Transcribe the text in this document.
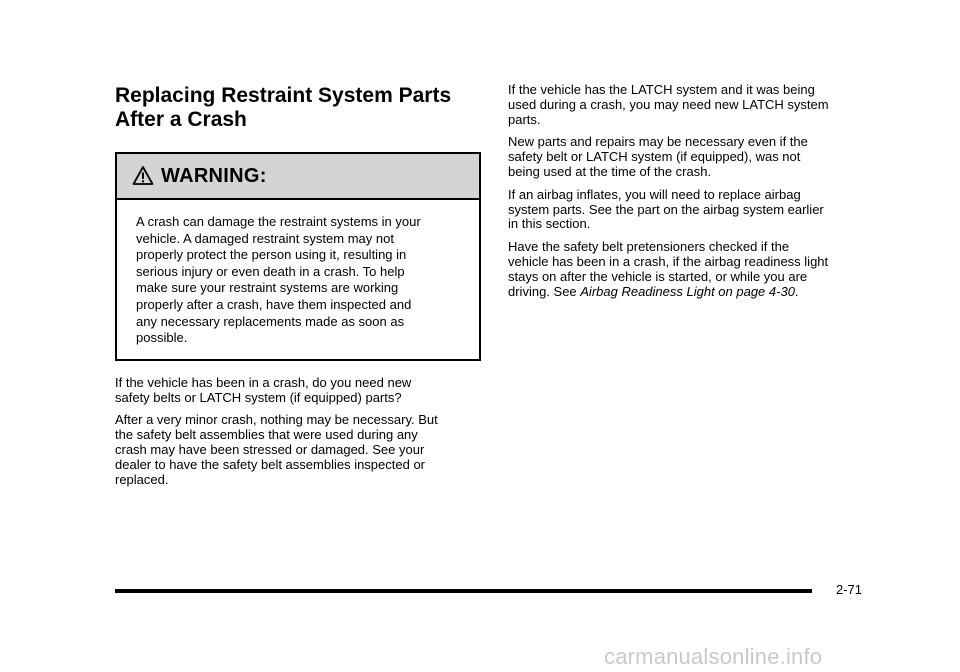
Replacing Restraint System Parts
After a Crash
WARNING:
A crash can damage the restraint systems in your
vehicle. A damaged restraint system may not
properly protect the person using it, resulting in
serious injury or even death in a crash. To help
make sure your restraint systems are working
properly after a crash, have them inspected and
any necessary replacements made as soon as
possible.

If the vehicle has been in a crash, do you need new
safety belts or LATCH system (if equipped) parts?

After a very minor crash, nothing may be necessary. But
the safety belt assemblies that were used during any
crash may have been stressed or damaged. See your
dealer to have the safety belt assemblies inspected or
replaced.

If the vehicle has the LATCH system and it was being
used during a crash, you may need new LATCH system
parts.

New parts and repairs may be necessary even if the
safety belt or LATCH system (if equipped), was not
being used at the time of the crash.

If an airbag inflates, you will need to replace airbag
system parts. See the part on the airbag system earlier
in this section.

Have the safety belt pretensioners checked if the
vehicle has been in a crash, if the airbag readiness light
stays on after the vehicle is started, or while you are
driving. See Airbag Readiness Light on page 4-30.

2-71
carmanualsonline.info
